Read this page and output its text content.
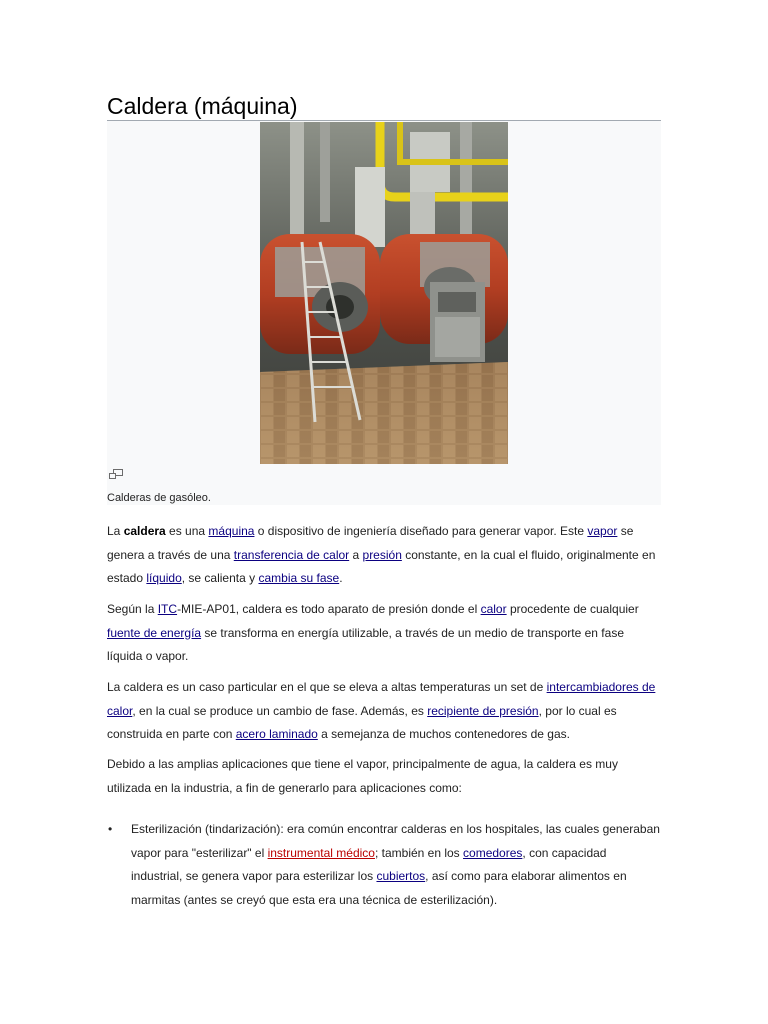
Caldera (máquina)
Calderas de gasóleo.

La caldera es una máquina o dispositivo de ingeniería diseñado para generar vapor. Este vapor se genera a través de una transferencia de calor a presión constante, en la cual el fluido, originalmente en estado líquido, se calienta y cambia su fase.

Según la ITC-MIE-AP01, caldera es todo aparato de presión donde el calor procedente de cualquier fuente de energía se transforma en energía utilizable, a través de un medio de transporte en fase líquida o vapor.

La caldera es un caso particular en el que se eleva a altas temperaturas un set de intercambiadores de calor, en la cual se produce un cambio de fase. Además, es recipiente de presión, por lo cual es construida en parte con acero laminado a semejanza de muchos contenedores de gas.

Debido a las amplias aplicaciones que tiene el vapor, principalmente de agua, la caldera es muy utilizada en la industria, a fin de generarlo para aplicaciones como:

• Esterilización (tindarización): era común encontrar calderas en los hospitales, las cuales generaban vapor para "esterilizar" el instrumental médico; también en los comedores, con capacidad industrial, se genera vapor para esterilizar los cubiertos, así como para elaborar alimentos en marmitas (antes se creyó que esta era una técnica de esterilización).
